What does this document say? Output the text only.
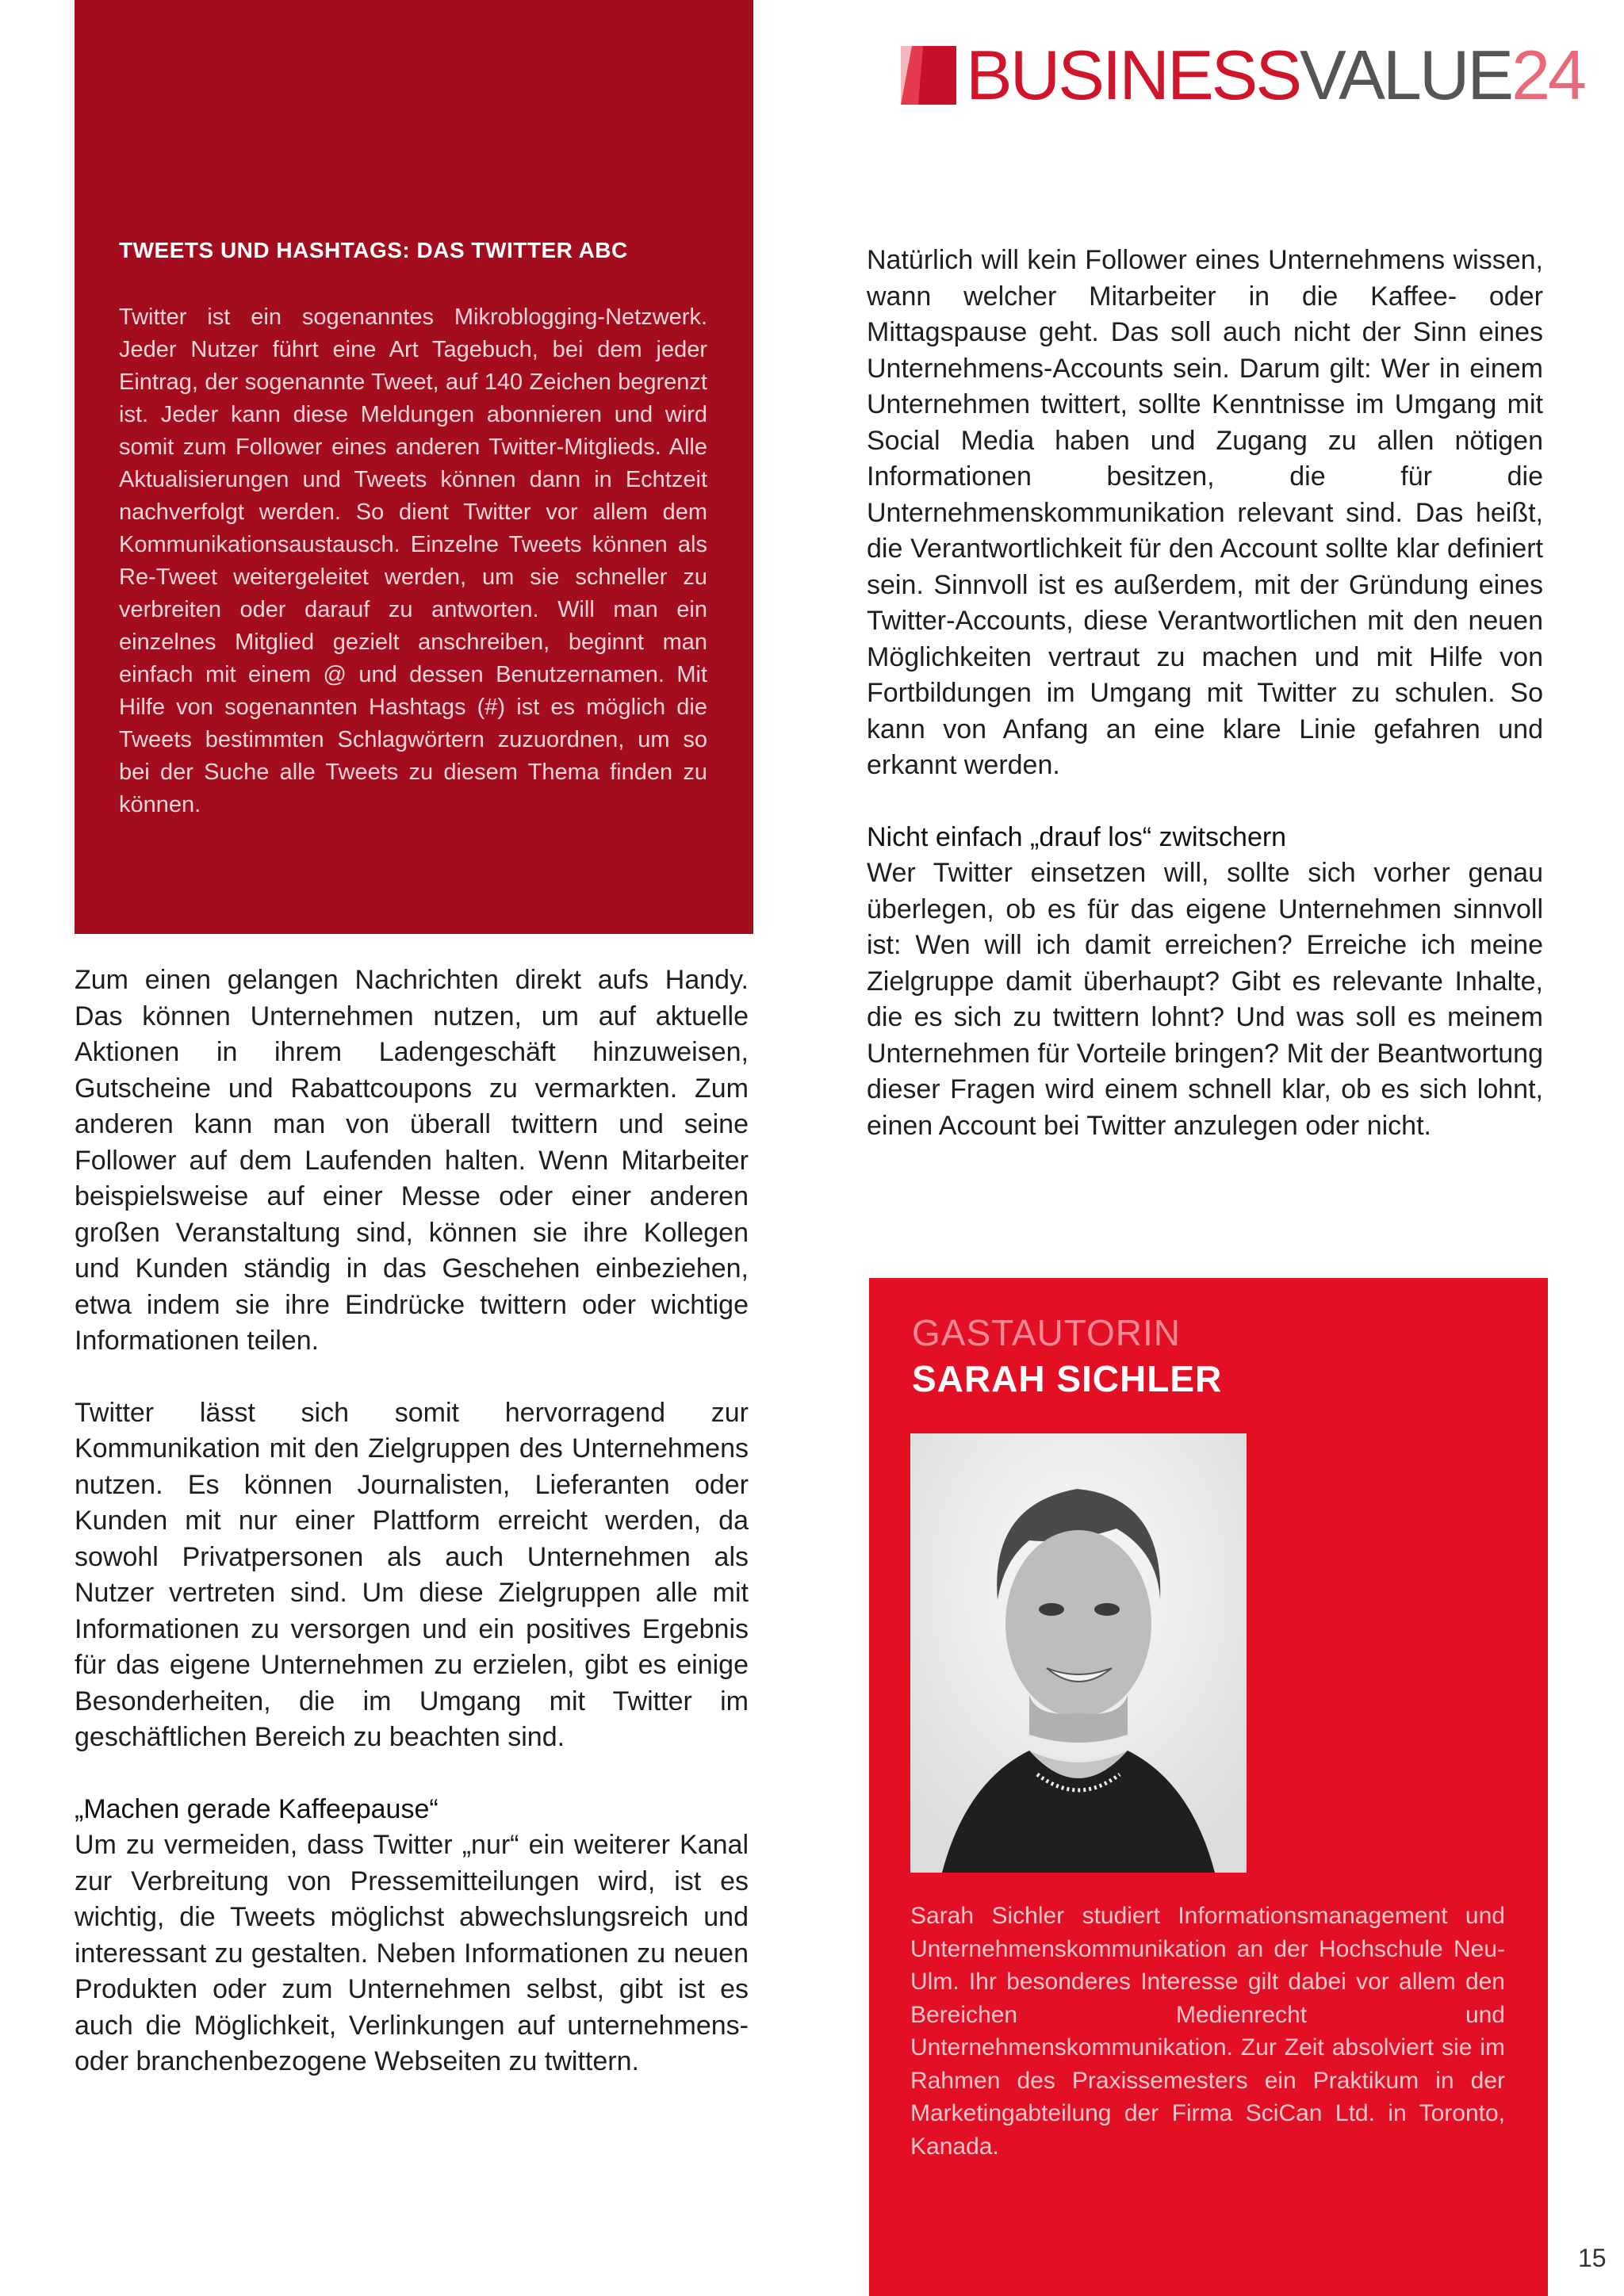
BUSINESSVALUE24
TWEETS UND HASHTAGS: DAS TWITTER ABC

Twitter ist ein sogenanntes Mikroblogging-Netzwerk. Jeder Nutzer führt eine Art Tagebuch, bei dem jeder Eintrag, der sogenannte Tweet, auf 140 Zeichen begrenzt ist. Jeder kann diese Meldungen abonnieren und wird somit zum Follower eines anderen Twitter-Mitglieds. Alle Aktualisierungen und Tweets können dann in Echtzeit nachverfolgt werden. So dient Twitter vor allem dem Kommunikationsaustausch. Einzelne Tweets können als Re-Tweet weitergeleitet werden, um sie schneller zu verbreiten oder darauf zu antworten. Will man ein einzelnes Mitglied gezielt anschreiben, beginnt man einfach mit einem @ und dessen Benutzernamen. Mit Hilfe von sogenannten Hashtags (#) ist es möglich die Tweets bestimmten Schlagwörtern zuzuordnen, um so bei der Suche alle Tweets zu diesem Thema finden zu können.

Zum einen gelangen Nachrichten direkt aufs Handy. Das können Unternehmen nutzen, um auf aktuelle Aktionen in ihrem Ladengeschäft hinzuweisen, Gutscheine und Rabattcoupons zu vermarkten. Zum anderen kann man von überall twittern und seine Follower auf dem Laufenden halten. Wenn Mitarbeiter beispielsweise auf einer Messe oder einer anderen großen Veranstaltung sind, können sie ihre Kollegen und Kunden ständig in das Geschehen einbeziehen, etwa indem sie ihre Eindrücke twittern oder wichtige Informationen teilen.

Twitter lässt sich somit hervorragend zur Kommunikation mit den Zielgruppen des Unternehmens nutzen. Es können Journalisten, Lieferanten oder Kunden mit nur einer Plattform erreicht werden, da sowohl Privatpersonen als auch Unternehmen als Nutzer vertreten sind. Um diese Zielgruppen alle mit Informationen zu versorgen und ein positives Ergebnis für das eigene Unternehmen zu erzielen, gibt es einige Besonderheiten, die im Umgang mit Twitter im geschäftlichen Bereich zu beachten sind.

„Machen gerade Kaffeepause“

Um zu vermeiden, dass Twitter „nur“ ein weiterer Kanal zur Verbreitung von Pressemitteilungen wird, ist es wichtig, die Tweets möglichst abwechslungsreich und interessant zu gestalten. Neben Informationen zu neuen Produkten oder zum Unternehmen selbst, gibt ist es auch die Möglichkeit, Verlinkungen auf unternehmens- oder branchenbezogene Webseiten zu twittern.

Natürlich will kein Follower eines Unternehmens wissen, wann welcher Mitarbeiter in die Kaffee- oder Mittagspause geht. Das soll auch nicht der Sinn eines Unternehmens-Accounts sein. Darum gilt: Wer in einem Unternehmen twittert, sollte Kenntnisse im Umgang mit Social Media haben und Zugang zu allen nötigen Informationen besitzen, die für die Unternehmenskommunikation relevant sind. Das heißt, die Verantwortlichkeit für den Account sollte klar definiert sein. Sinnvoll ist es außerdem, mit der Gründung eines Twitter-Accounts, diese Verantwortlichen mit den neuen Möglichkeiten vertraut zu machen und mit Hilfe von Fortbildungen im Umgang mit Twitter zu schulen. So kann von Anfang an eine klare Linie gefahren und erkannt werden.

Nicht einfach „drauf los“ zwitschern

Wer Twitter einsetzen will, sollte sich vorher genau überlegen, ob es für das eigene Unternehmen sinnvoll ist: Wen will ich damit erreichen? Erreiche ich meine Zielgruppe damit überhaupt? Gibt es relevante Inhalte, die es sich zu twittern lohnt? Und was soll es meinem Unternehmen für Vorteile bringen? Mit der Beantwortung dieser Fragen wird einem schnell klar, ob es sich lohnt, einen Account bei Twitter anzulegen oder nicht.

GASTAUTORIN
SARAH SICHLER

Sarah Sichler studiert Informationsmanagement und Unternehmenskommunikation an der Hochschule Neu-Ulm. Ihr besonderes Interesse gilt dabei vor allem den Bereichen Medienrecht und Unternehmenskommunikation. Zur Zeit absolviert sie im Rahmen des Praxissemesters ein Praktikum in der Marketingabteilung der Firma SciCan Ltd. in Toronto, Kanada.

15
